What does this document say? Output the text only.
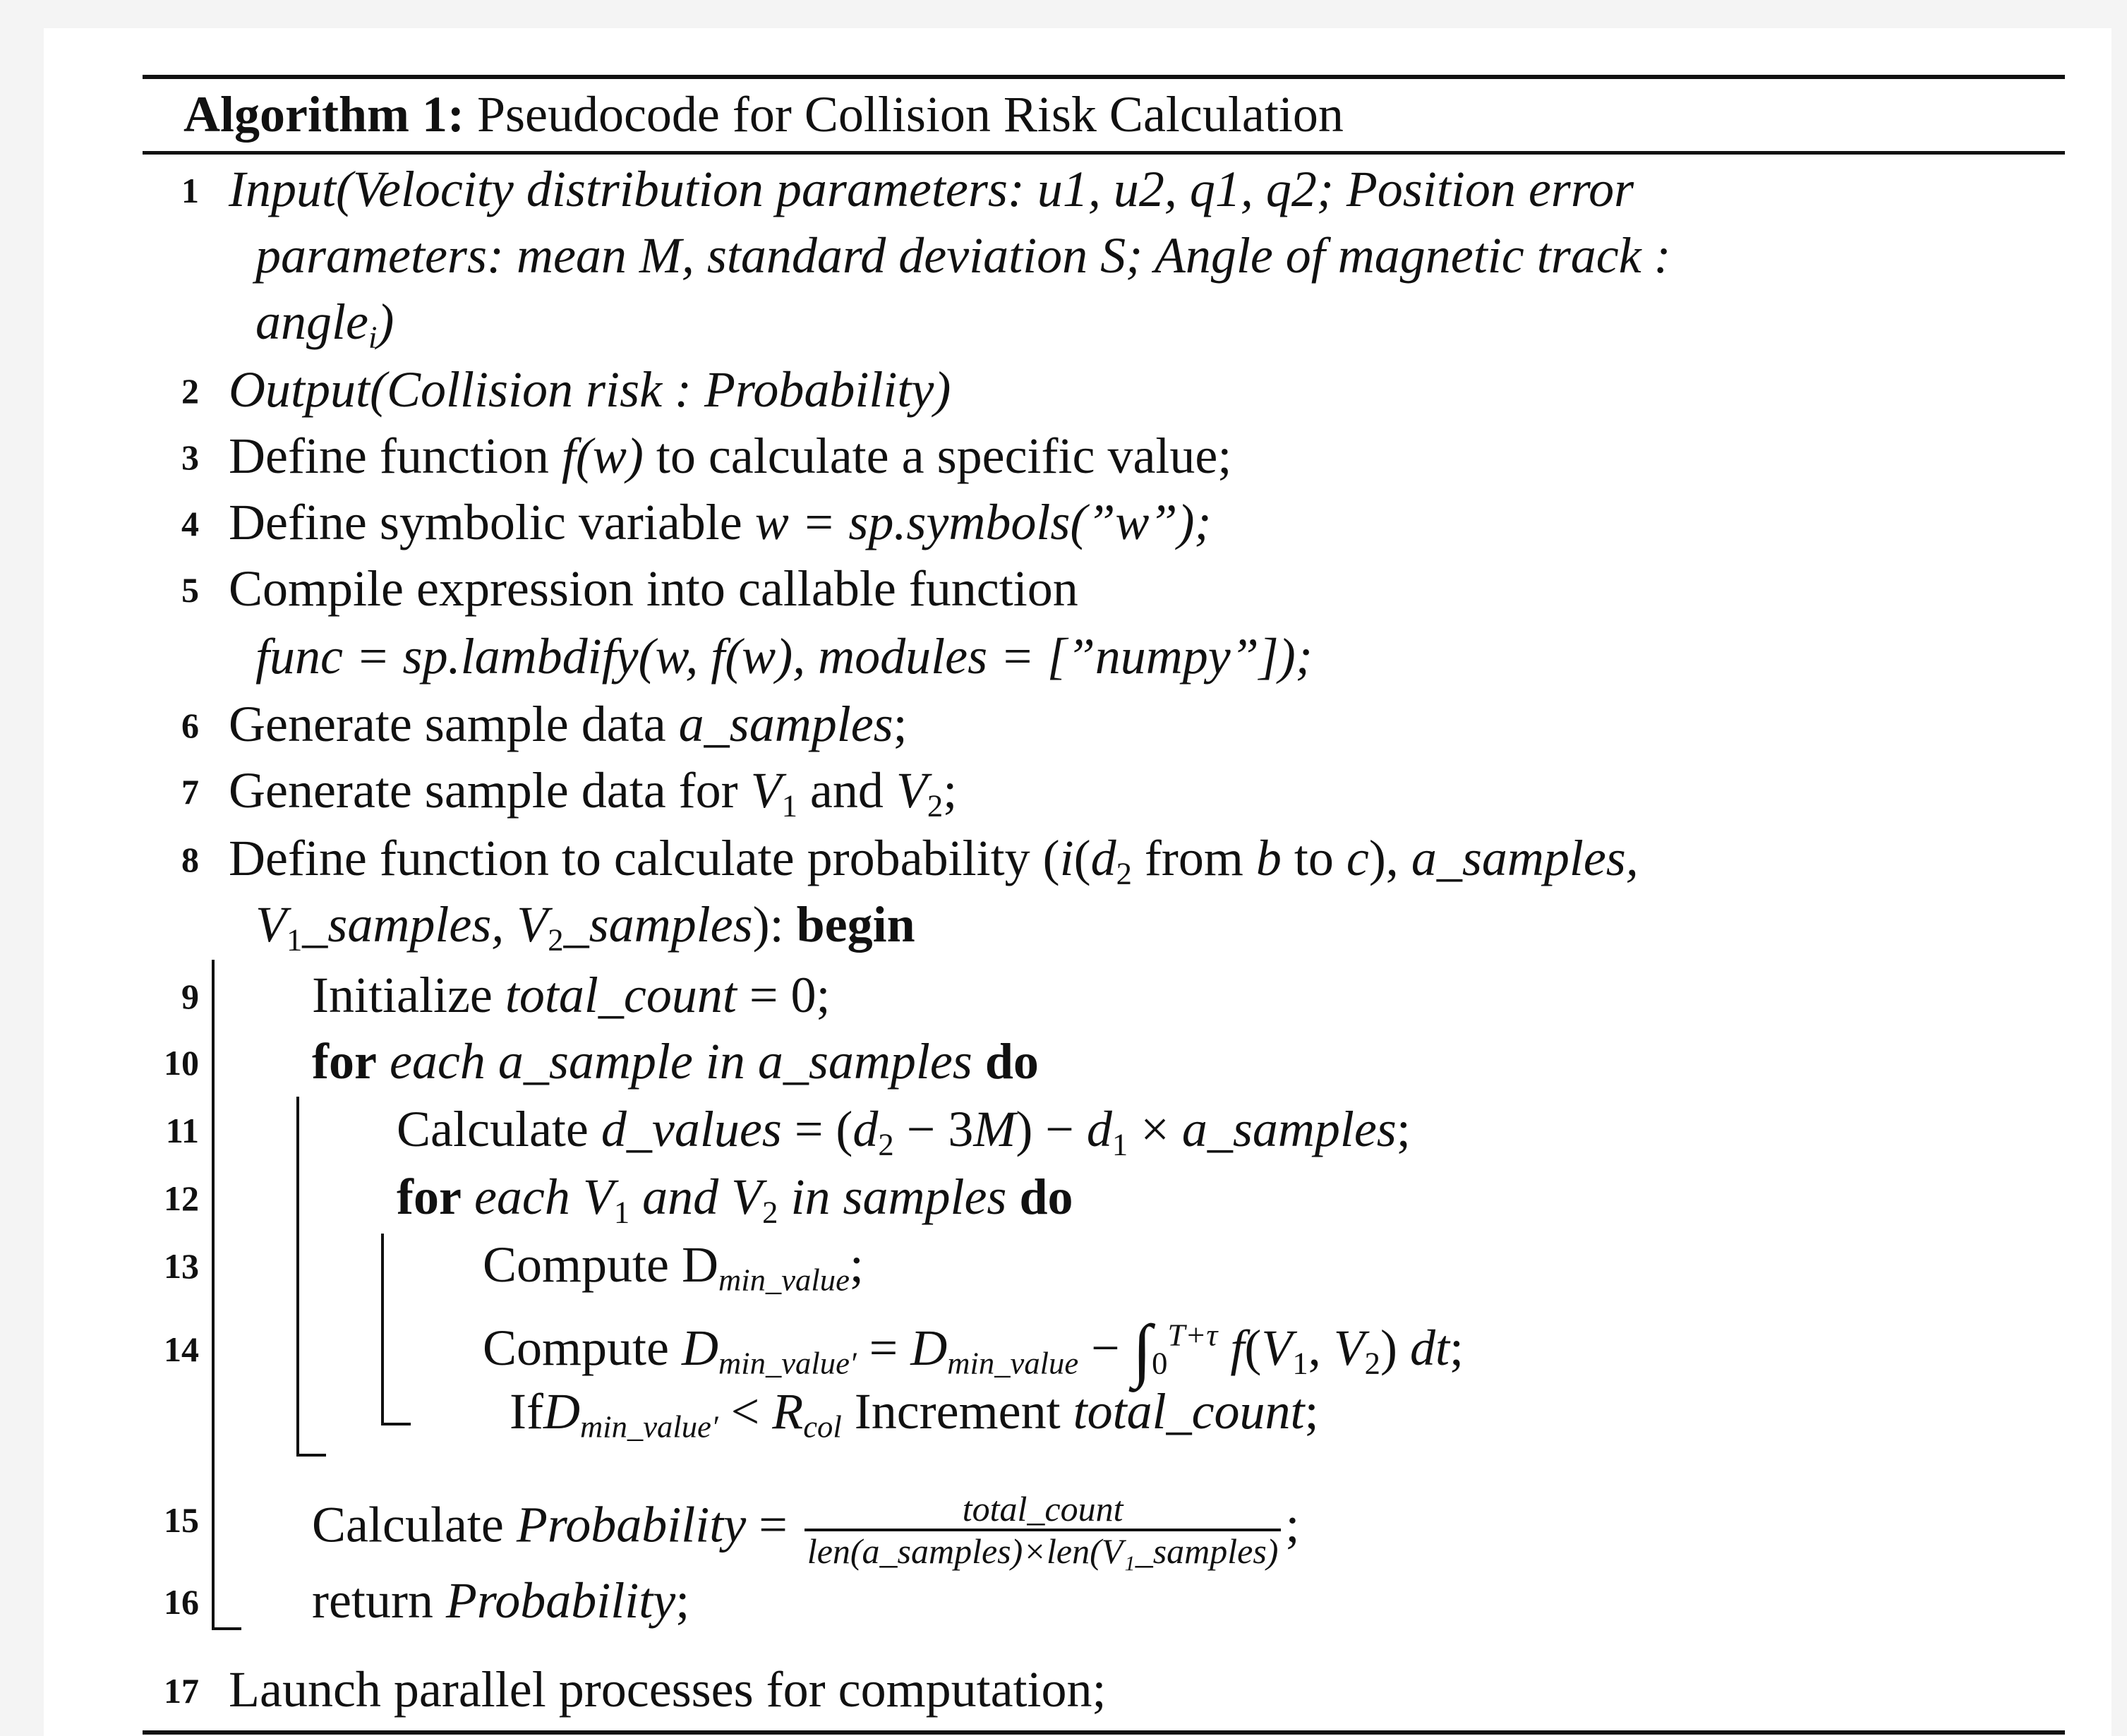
Algorithm 1: Pseudocode for Collision Risk Calculation
1 Input(Velocity distribution parameters: u1, u2, q1, q2; Position error
parameters: mean M, standard deviation S; Angle of magnetic track :
angle$_i$)
2 Output(Collision risk : Probability)
3 Define function f(w) to calculate a specific value;
4 Define symbolic variable w = sp.symbols(”w”);
5 Compile expression into callable function
func = sp.lambdify(w, f(w), modules = [”numpy”]);
6 Generate sample data a_samples;
7 Generate sample data for $V_1$ and $V_2$;
8 Define function to calculate probability ($i(d_2$ from b to c), a_samples,
$V_1\_samples$, $V_2\_samples$): begin
9 Initialize total_count = 0;
10 for each a_sample in a_samples do
11	Calculate d_values = $(d_2 - 3M) - d_1$ × a_samples;
12	for each $V_1$ and $V_2$ in samples do
13	Compute $D_{min\_value}$;
14	Compute $D_{min\_value'} = D_{min\_value} - \int_0^{T+\tau}$ $f(V_1$, $V_2$) dt;
$IfD_{min\_value'} < R_{col}$ Increment total_count;
15 Calculate Probability = $\frac{\text{total\_count}}{\text{len(a\_samples)×len(V₁\_samples)}}$ ;
16 return Probability;
17 Launch parallel processes for computation;
